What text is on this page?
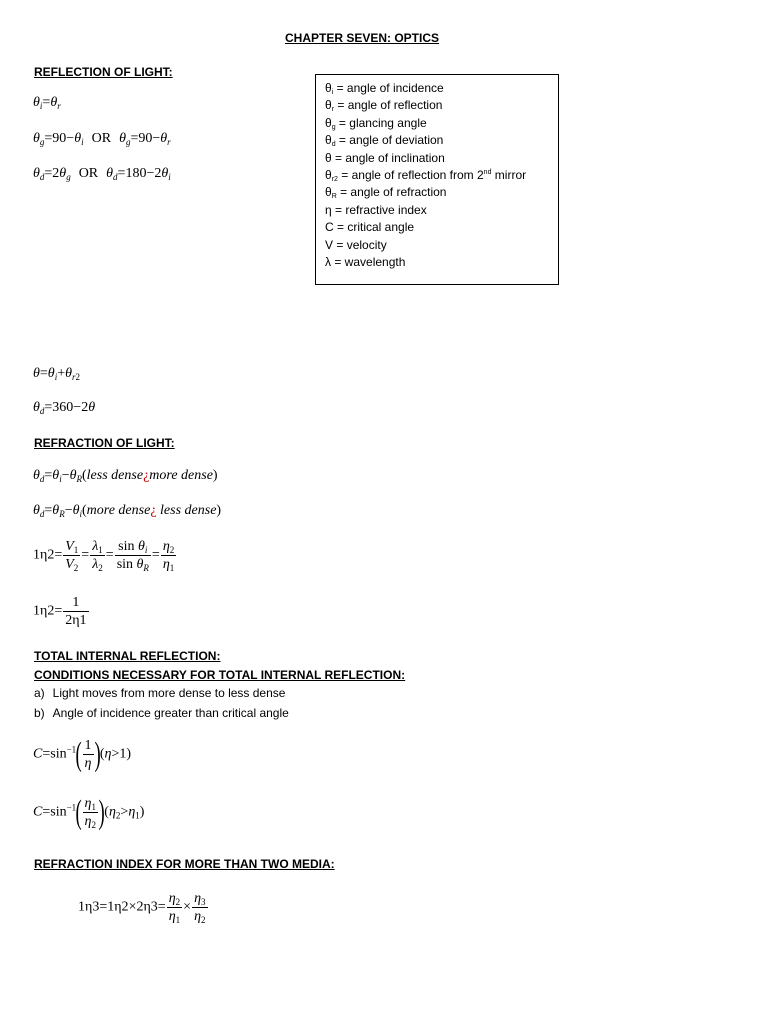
CHAPTER SEVEN: OPTICS
REFLECTION OF LIGHT:
$\theta_i=\theta_r$
$\theta_g=90-\theta_i$ OR $\theta_g=90-\theta_r$
$\theta_d=2\theta_g$ OR $\theta_d=180-2\theta_i$
$\theta_i$ = angle of incidence
$\theta_r$ = angle of reflection
$\theta_g$ = glancing angle
$\theta_d$ = angle of deviation
θ = angle of inclination
$\theta_{r2}$ = angle of reflection from 2nd mirror
$\theta_R$ = angle of refraction
η = refractive index
C = critical angle
V = velocity
λ = wavelength
$\theta=\theta_i+\theta_{r2}$
$\theta_d=360-2\theta$
REFRACTION OF LIGHT:
$\theta_d=\theta_i-\theta_R(less$ dense¿more dense)
$\theta_d=\theta_R-\theta_i(more$ dense¿ less dense)
$1\eta 2= \frac{V_1}{V_2} = \frac{\lambda_1}{\lambda_2} = \frac{\sin \theta_i}{\sin \theta_R} = \frac{\eta_2}{\eta_1}$
$1\eta 2= \frac{1}{2\eta 1}$
TOTAL INTERNAL REFLECTION:
CONDITIONS NECESSARY FOR TOTAL INTERNAL REFLECTION:
a) Light moves from more dense to less dense
b) Angle of incidence greater than critical angle
$C=\sin^{-1}( \frac{1}{\eta} )(\eta>1)$
$C=\sin^{-1}( \frac{\eta_1}{\eta_2} )(\eta_2>\eta_1)$
REFRACTION INDEX FOR MORE THAN TWO MEDIA:
$1\eta 3=1\eta 2\times 2\eta 3= \frac{\eta_2}{\eta_1} \times \frac{\eta_3}{\eta_2}$
